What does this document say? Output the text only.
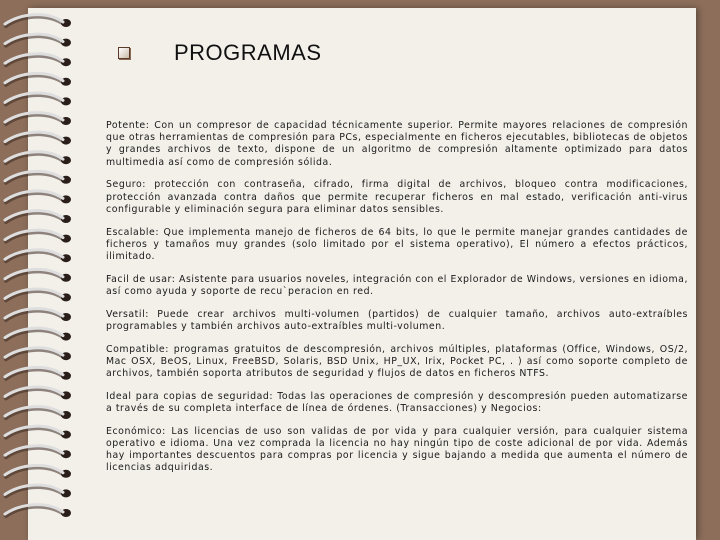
PROGRAMAS

Potente: Con un compresor de capacidad técnicamente superior. Permite mayores relaciones de compresión que otras herramientas de compresión para PCs, especialmente en ficheros ejecutables, bibliotecas de objetos y grandes archivos de texto, dispone de un algoritmo de compresión altamente optimizado para datos multimedia así como de compresión sólida.

Seguro: protección con contraseña, cifrado, firma digital de archivos, bloqueo contra modificaciones, protección avanzada contra daños que permite recuperar ficheros en mal estado, verificación anti-virus configurable y eliminación segura para eliminar datos sensibles.

Escalable: Que implementa manejo de ficheros de 64 bits, lo que le permite manejar grandes cantidades de ficheros y tamaños muy grandes (solo limitado por el sistema operativo), El número a efectos prácticos, ilimitado.

Facil de usar: Asistente para usuarios noveles, integración con el Explorador de Windows, versiones en idioma, así como ayuda y soporte de recu`peracion en red.

Versatil: Puede crear archivos multi-volumen (partidos) de cualquier tamaño, archivos auto-extraíbles programables y también archivos auto-extraíbles multi-volumen.

Compatible: programas gratuitos de descompresión, archivos múltiples, plataformas (Office, Windows, OS/2, Mac OSX, BeOS, Linux, FreeBSD, Solaris, BSD Unix, HP_UX, Irix, Pocket PC, . ) así como soporte completo de archivos, también soporta atributos de seguridad y flujos de datos en ficheros NTFS.

Ideal para copias de seguridad: Todas las operaciones de compresión y descompresión pueden automatizarse a través de su completa interface de línea de órdenes. (Transacciones) y Negocios:

Económico: Las licencias de uso son validas de por vida y para cualquier versión, para cualquier sistema operativo e idioma. Una vez comprada la licencia no hay ningún tipo de coste adicional de por vida. Además hay importantes descuentos para compras por licencia y sigue bajando a medida que aumenta el número de licencias adquiridas.
